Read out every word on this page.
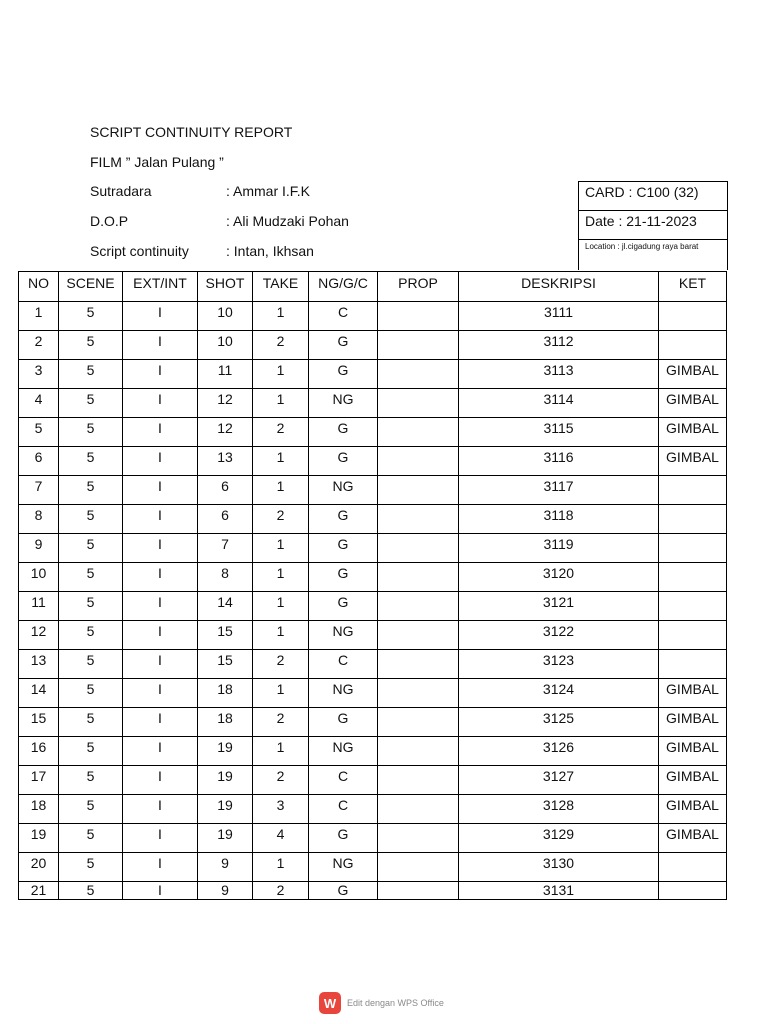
SCRIPT CONTINUITY REPORT
FILM ” Jalan Pulang ”
Sutradara	: Ammar I.F.K
D.O.P	: Ali Mudzaki Pohan
Script continuity	: Intan, Ikhsan
CARD : C100 (32)
Date : 21-11-2023
Location : jl.cigadung raya barat
NO	SCENE	EXT/INT	SHOT	TAKE	NG/G/C	PROP	DESKRIPSI	KET
1	5	I	10	1	C		3111	
2	5	I	10	2	G		3112	
3	5	I	11	1	G		3113	GIMBAL
4	5	I	12	1	NG		3114	GIMBAL
5	5	I	12	2	G		3115	GIMBAL
6	5	I	13	1	G		3116	GIMBAL
7	5	I	6	1	NG		3117	
8	5	I	6	2	G		3118	
9	5	I	7	1	G		3119	
10	5	I	8	1	G		3120	
11	5	I	14	1	G		3121	
12	5	I	15	1	NG		3122	
13	5	I	15	2	C		3123	
14	5	I	18	1	NG		3124	GIMBAL
15	5	I	18	2	G		3125	GIMBAL
16	5	I	19	1	NG		3126	GIMBAL
17	5	I	19	2	C		3127	GIMBAL
18	5	I	19	3	C		3128	GIMBAL
19	5	I	19	4	G		3129	GIMBAL
20	5	I	9	1	NG		3130	
21	5	I	9	2	G		3131	
W	Edit dengan WPS Office
